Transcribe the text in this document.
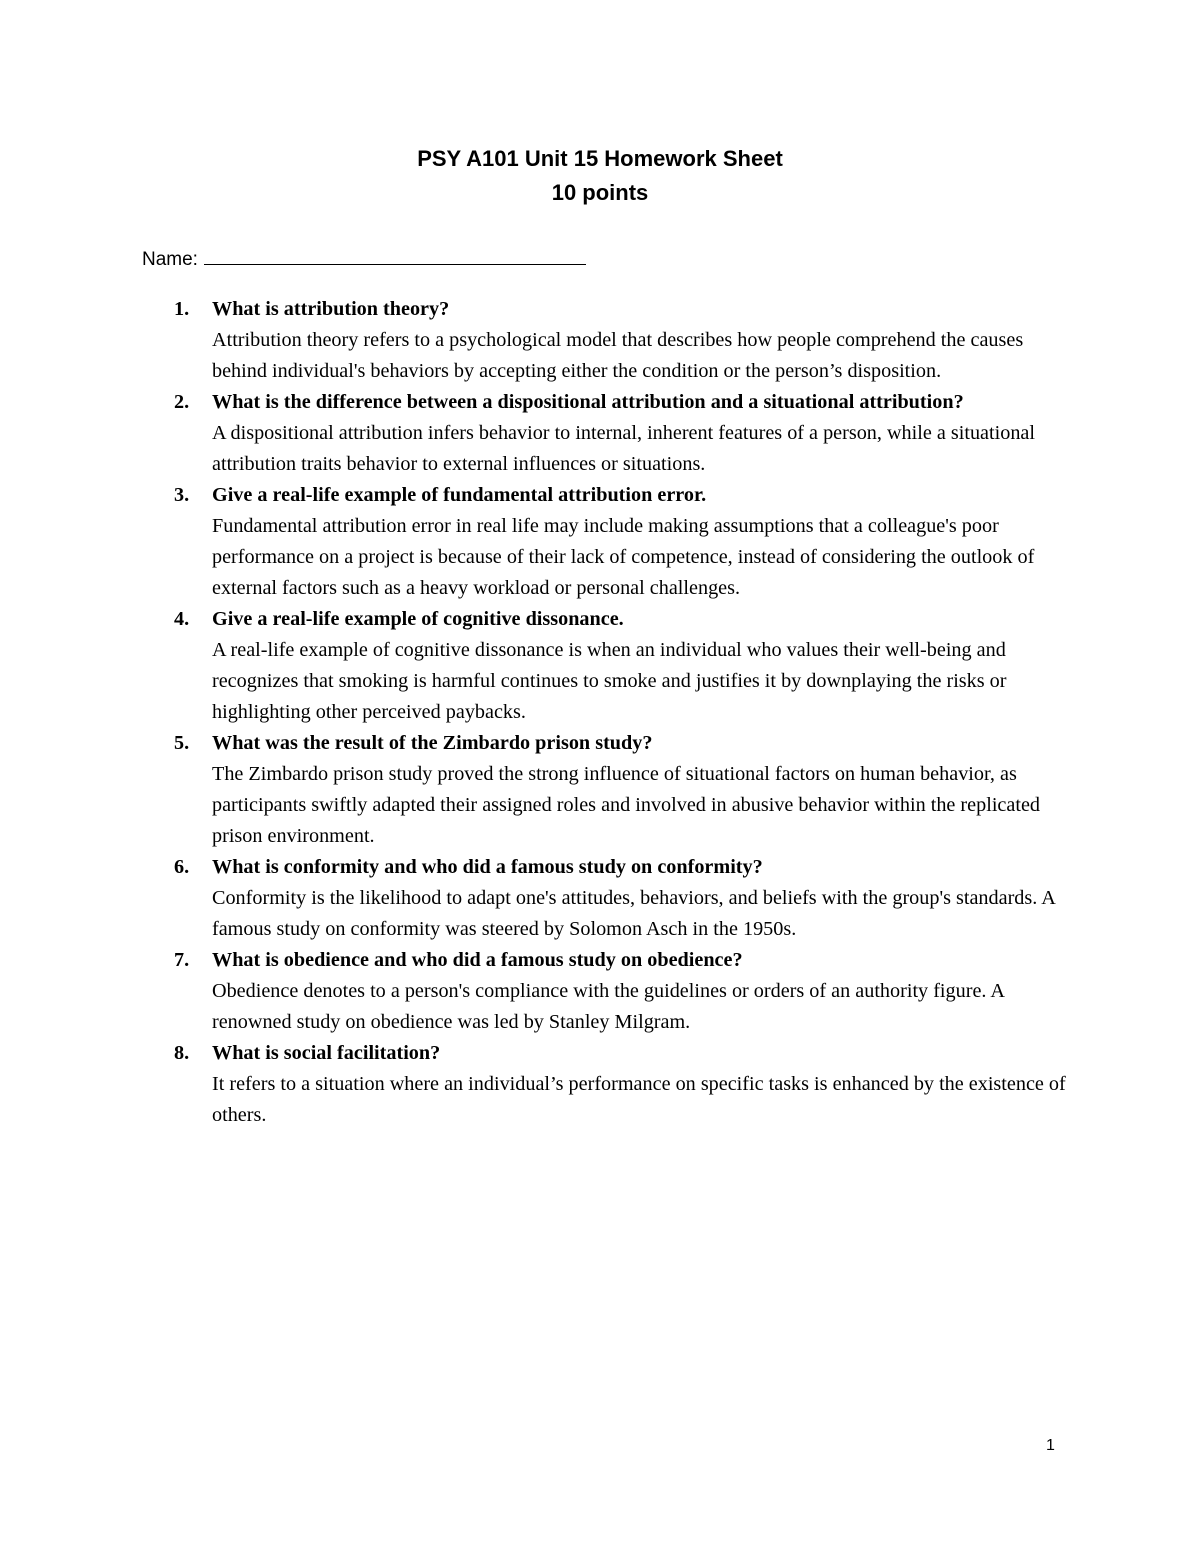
PSY A101 Unit 15 Homework Sheet
10 points
Name:
1. What is attribution theory?
Attribution theory refers to a psychological model that describes how people comprehend the causes behind individual's behaviors by accepting either the condition or the person’s disposition.
2. What is the difference between a dispositional attribution and a situational attribution?
A dispositional attribution infers behavior to internal, inherent features of a person, while a situational attribution traits behavior to external influences or situations.
3. Give a real-life example of fundamental attribution error.
Fundamental attribution error in real life may include making assumptions that a colleague's poor performance on a project is because of their lack of competence, instead of considering the outlook of external factors such as a heavy workload or personal challenges.
4. Give a real-life example of cognitive dissonance.
A real-life example of cognitive dissonance is when an individual who values their well-being and recognizes that smoking is harmful continues to smoke and justifies it by downplaying the risks or highlighting other perceived paybacks.
5. What was the result of the Zimbardo prison study?
The Zimbardo prison study proved the strong influence of situational factors on human behavior, as participants swiftly adapted their assigned roles and involved in abusive behavior within the replicated prison environment.
6. What is conformity and who did a famous study on conformity?
Conformity is the likelihood to adapt one's attitudes, behaviors, and beliefs with the group's standards. A famous study on conformity was steered by Solomon Asch in the 1950s.
7. What is obedience and who did a famous study on obedience?
Obedience denotes to a person's compliance with the guidelines or orders of an authority figure. A renowned study on obedience was led by Stanley Milgram.
8. What is social facilitation?
It refers to a situation where an individual’s performance on specific tasks is enhanced by the existence of others.
1
